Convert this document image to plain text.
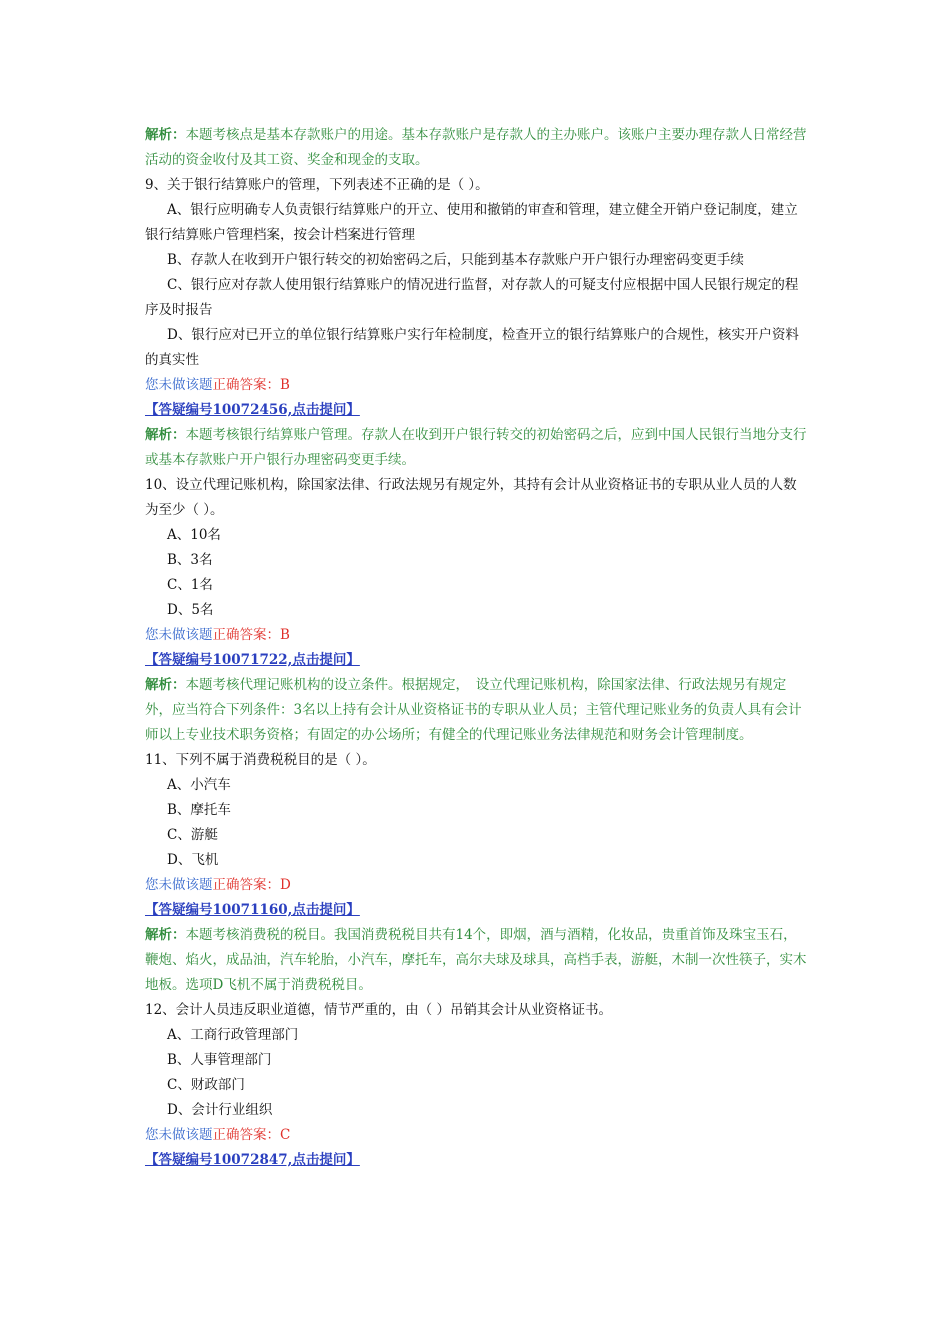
解析：本题考核点是基本存款账户的用途。基本存款账户是存款人的主办账户。该账户主要办理存款人日常经营活动的资金收付及其工资、奖金和现金的支取。
9、关于银行结算账户的管理，下列表述不正确的是（ ）。
A、银行应明确专人负责银行结算账户的开立、使用和撤销的审查和管理，建立健全开销户登记制度，建立银行结算账户管理档案，按会计档案进行管理
B、存款人在收到开户银行转交的初始密码之后，只能到基本存款账户开户银行办理密码变更手续
C、银行应对存款人使用银行结算账户的情况进行监督，对存款人的可疑支付应根据中国人民银行规定的程序及时报告
D、银行应对已开立的单位银行结算账户实行年检制度，检查开立的银行结算账户的合规性，核实开户资料的真实性
您未做该题正确答案：B
【答疑编号10072456,点击提问】
解析：本题考核银行结算账户管理。存款人在收到开户银行转交的初始密码之后，应到中国人民银行当地分支行或基本存款账户开户银行办理密码变更手续。
10、设立代理记账机构，除国家法律、行政法规另有规定外，其持有会计从业资格证书的专职从业人员的人数为至少（ ）。
A、10名
B、3名
C、1名
D、5名
您未做该题正确答案：B
【答疑编号10071722,点击提问】
解析：本题考核代理记账机构的设立条件。根据规定，　设立代理记账机构，除国家法律、行政法规另有规定外，应当符合下列条件：3名以上持有会计从业资格证书的专职从业人员；主管代理记账业务的负责人具有会计师以上专业技术职务资格；有固定的办公场所；有健全的代理记账业务法律规范和财务会计管理制度。
11、下列不属于消费税税目的是（ ）。
A、小汽车
B、摩托车
C、游艇
D、飞机
您未做该题正确答案：D
【答疑编号10071160,点击提问】
解析：本题考核消费税的税目。我国消费税税目共有14个，即烟，酒与酒精，化妆品，贵重首饰及珠宝玉石，鞭炮、焰火，成品油，汽车轮胎，小汽车，摩托车，高尔夫球及球具，高档手表，游艇，木制一次性筷子，实木地板。选项D飞机不属于消费税税目。
12、会计人员违反职业道德，情节严重的，由（ ）吊销其会计从业资格证书。
A、工商行政管理部门
B、人事管理部门
C、财政部门
D、会计行业组织
您未做该题正确答案：C
【答疑编号10072847,点击提问】
